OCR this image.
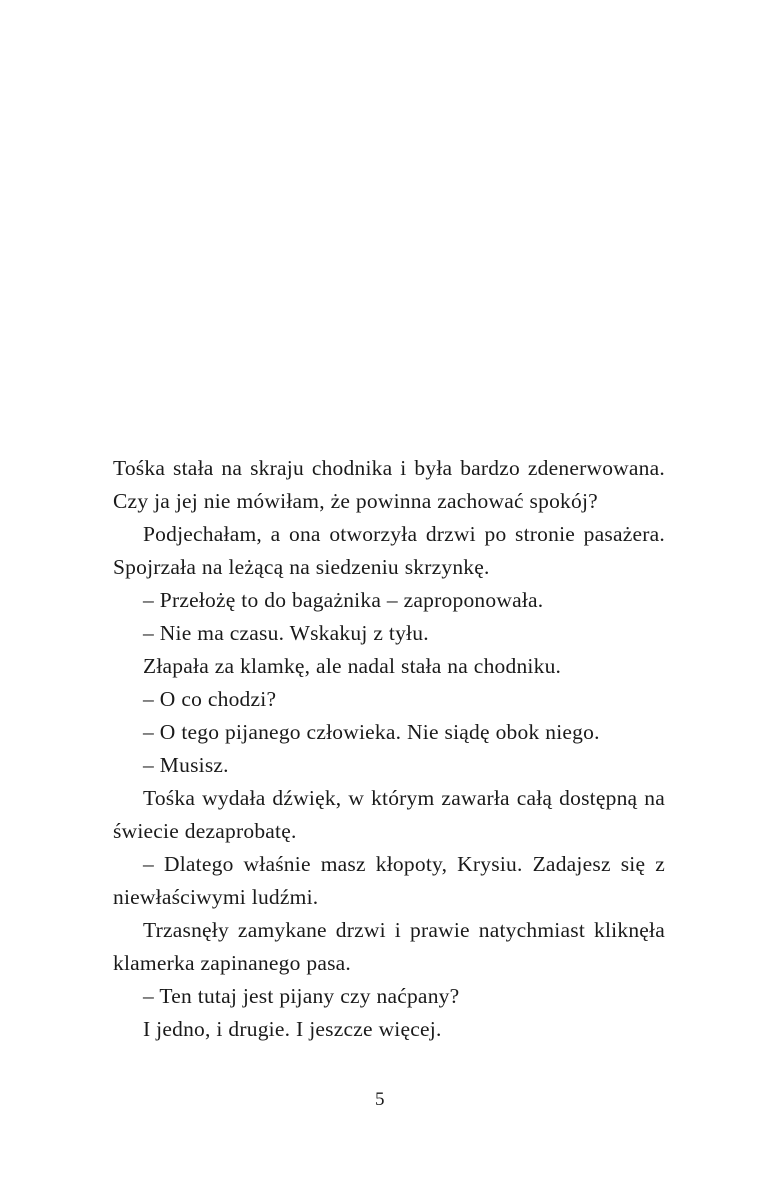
Tośka stała na skraju chodnika i była bardzo zdenerwowana. Czy ja jej nie mówiłam, że powinna zachować spokój?

Podjechałam, a ona otworzyła drzwi po stronie pasażera. Spojrzała na leżącą na siedzeniu skrzynkę.

– Przełożę to do bagażnika – zaproponowała.

– Nie ma czasu. Wskakuj z tyłu.

Złapała za klamkę, ale nadal stała na chodniku.

– O co chodzi?

– O tego pijanego człowieka. Nie siądę obok niego.

– Musisz.

Tośka wydała dźwięk, w którym zawarła całą dostępną na świecie dezaprobatę.

– Dlatego właśnie masz kłopoty, Krysiu. Zadajesz się z niewłaściwymi ludźmi.

Trzasnęły zamykane drzwi i prawie natychmiast kliknęła klamerka zapinanego pasa.

– Ten tutaj jest pijany czy naćpany?

I jedno, i drugie. I jeszcze więcej.

5
